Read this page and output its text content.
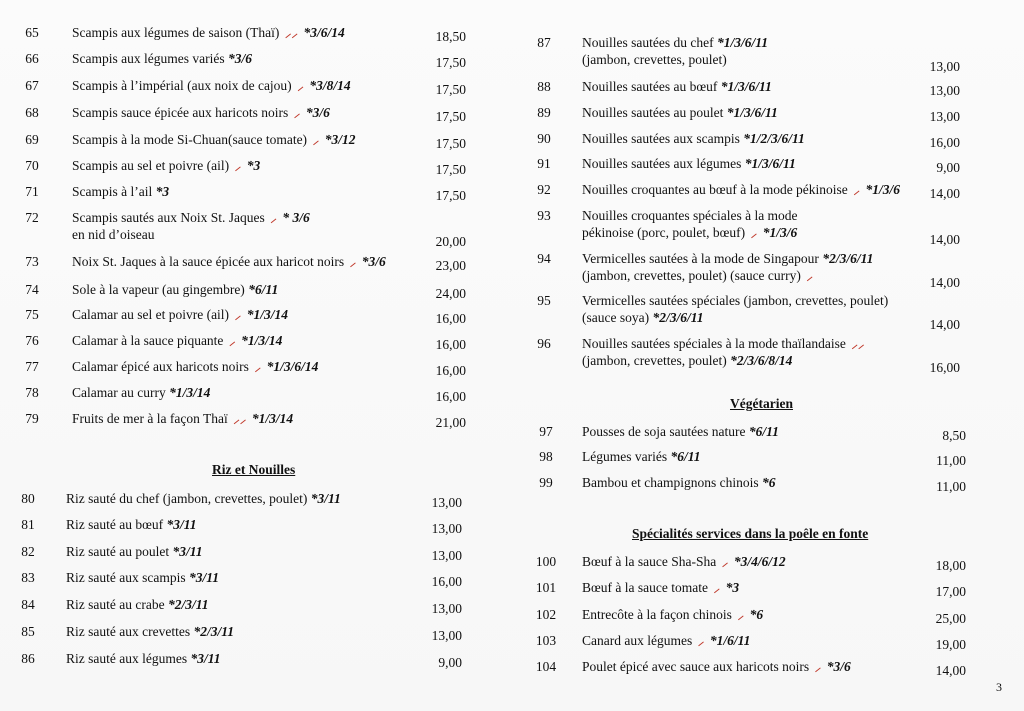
65	Scampis aux légumes de saison (Thaï) ⸝⸝ *3/6/14	18,50
66	Scampis aux légumes variés *3/6	17,50
67	Scampis à l’impérial (aux noix de cajou) ⸝ *3/8/14	17,50
68	Scampis sauce épicée aux haricots noirs ⸝ *3/6	17,50
69	Scampis à la mode Si-Chuan(sauce tomate) ⸝ *3/12	17,50
70	Scampis au sel et poivre (ail) ⸝ *3	17,50
71	Scampis à l’ail *3	17,50
72	Scampis sautés aux Noix St. Jaques ⸝ * 3/6
en nid d’oiseau	20,00
73	Noix St. Jaques à la sauce épicée aux haricot noirs ⸝ *3/6	23,00
74	Sole à la vapeur (au gingembre) *6/11	24,00
75	Calamar au sel et poivre (ail) ⸝ *1/3/14	16,00
76	Calamar à la sauce piquante ⸝ *1/3/14	16,00
77	Calamar épicé aux haricots noirs ⸝ *1/3/6/14	16,00
78	Calamar au curry *1/3/14	16,00
79	Fruits de mer à la façon Thaï ⸝⸝ *1/3/14	21,00
Riz et Nouilles
80	Riz sauté du chef (jambon, crevettes, poulet) *3/11	13,00
81	Riz sauté au bœuf *3/11	13,00
82	Riz sauté au poulet *3/11	13,00
83	Riz sauté aux scampis *3/11	16,00
84	Riz sauté au crabe *2/3/11	13,00
85	Riz sauté aux crevettes *2/3/11	13,00
86	Riz sauté aux légumes *3/11	9,00
87	Nouilles sautées du chef *1/3/6/11
(jambon, crevettes, poulet)	13,00
88	Nouilles sautées au bœuf *1/3/6/11	13,00
89	Nouilles sautées au poulet *1/3/6/11	13,00
90	Nouilles sautées aux scampis *1/2/3/6/11	16,00
91	Nouilles sautées aux légumes *1/3/6/11	9,00
92	Nouilles croquantes au bœuf à la mode pékinoise ⸝ *1/3/6	14,00
93	Nouilles croquantes spéciales à la mode
pékinoise (porc, poulet, bœuf) ⸝ *1/3/6	14,00
94	Vermicelles sautées à la mode de Singapour *2/3/6/11
(jambon, crevettes, poulet) (sauce curry) ⸝	14,00
95	Vermicelles sautées spéciales (jambon, crevettes, poulet)
(sauce soya) *2/3/6/11	14,00
96	Nouilles sautées spéciales à la mode thaïlandaise ⸝⸝
(jambon, crevettes, poulet) *2/3/6/8/14	16,00
Végétarien
97	Pousses de soja sautées nature *6/11	8,50
98	Légumes variés *6/11	11,00
99	Bambou et champignons chinois *6	11,00
Spécialités services dans la poêle en fonte
100 Bœuf à la sauce Sha-Sha ⸝ *3/4/6/12	18,00
101 Bœuf à la sauce tomate ⸝ *3	17,00
102 Entrecôte à la façon chinois ⸝ *6	25,00
103 Canard aux légumes ⸝ *1/6/11	19,00
104 Poulet épicé avec sauce aux haricots noirs ⸝ *3/6	14,00
3
